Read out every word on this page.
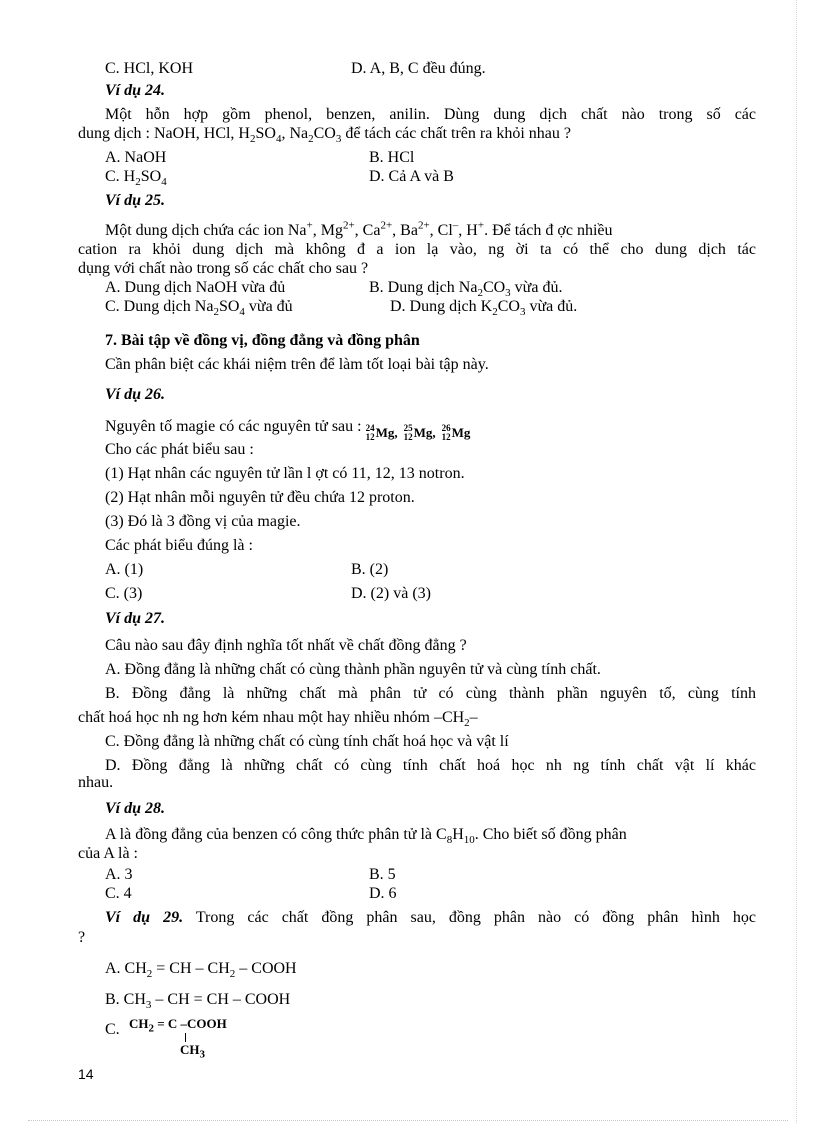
C. HCl, KOH	D. A, B, C đều đúng.
Ví dụ 24.
Một hỗn hợp gồm phenol, benzen, anilin. Dùng dung dịch chất nào trong số các
dung dịch : NaOH, HCl, $H_2SO_4$, $Na_2CO_3$ để tách các chất trên ra khỏi nhau ?
A. NaOH	B. HCl
C. $H_2SO_4$	D. Cả A và B
Ví dụ 25.
Một dung dịch chứa các ion Na+, $Mg^{2+}$, $Ca^{2+}$, $Ba^{2+}$, Cl–, H+. Để tách đ ợc nhiều
cation ra khỏi dung dịch mà không đ a ion lạ vào, ng ời ta có thể cho dung dịch tác
dụng với chất nào trong số các chất cho sau ?
A. Dung dịch NaOH vừa đủ	B. Dung dịch $Na_2CO_3$ vừa đủ.
C. Dung dịch $Na_2SO_4$ vừa đủ	D. Dung dịch $K_2CO_3$ vừa đủ.
7. Bài tập về đồng vị, đồng đẳng và đồng phân
Cần phân biệt các khái niệm trên để làm tốt loại bài tập này.
Ví dụ 26.
Nguyên tố magie có các nguyên tử sau : 24
12 Mg, 25
12 Mg, 26
12 Mg
Cho các phát biểu sau :
(1) Hạt nhân các nguyên tử lần l ợt có 11, 12, 13 notron.
(2) Hạt nhân mỗi nguyên tử đều chứa 12 proton.
(3) Đó là 3 đồng vị của magie.
Các phát biểu đúng là :
A. (1)	B. (2)
C. (3)	D. (2) và (3)
Ví dụ 27.
Câu nào sau đây định nghĩa tốt nhất về chất đồng đẳng ?
A. Đồng đẳng là những chất có cùng thành phần nguyên tử và cùng tính chất.
B. Đồng đẳng là những chất mà phân tử có cùng thành phần nguyên tố, cùng tính
chất hoá học nh ng hơn kém nhau một hay nhiều nhóm $-CH_2-$
C. Đồng đẳng là những chất có cùng tính chất hoá học và vật lí
D. Đồng đẳng là những chất có cùng tính chất hoá học nh ng tính chất vật lí khác
nhau.
Ví dụ 28.
A là đồng đẳng của benzen có công thức phân tử là $C_8H_{10}$. Cho biết số đồng phân
của A là :
A. 3	B. 5
C. 4	D. 6
Ví dụ 29. Trong các chất đồng phân sau, đồng phân nào có đồng phân hình học
?
A. $CH_2$ = CH – $CH_2$ – COOH
B. $CH_3$ – CH = CH – COOH
C. $CH_2 = C$ –COOH
$CH_3$
14
